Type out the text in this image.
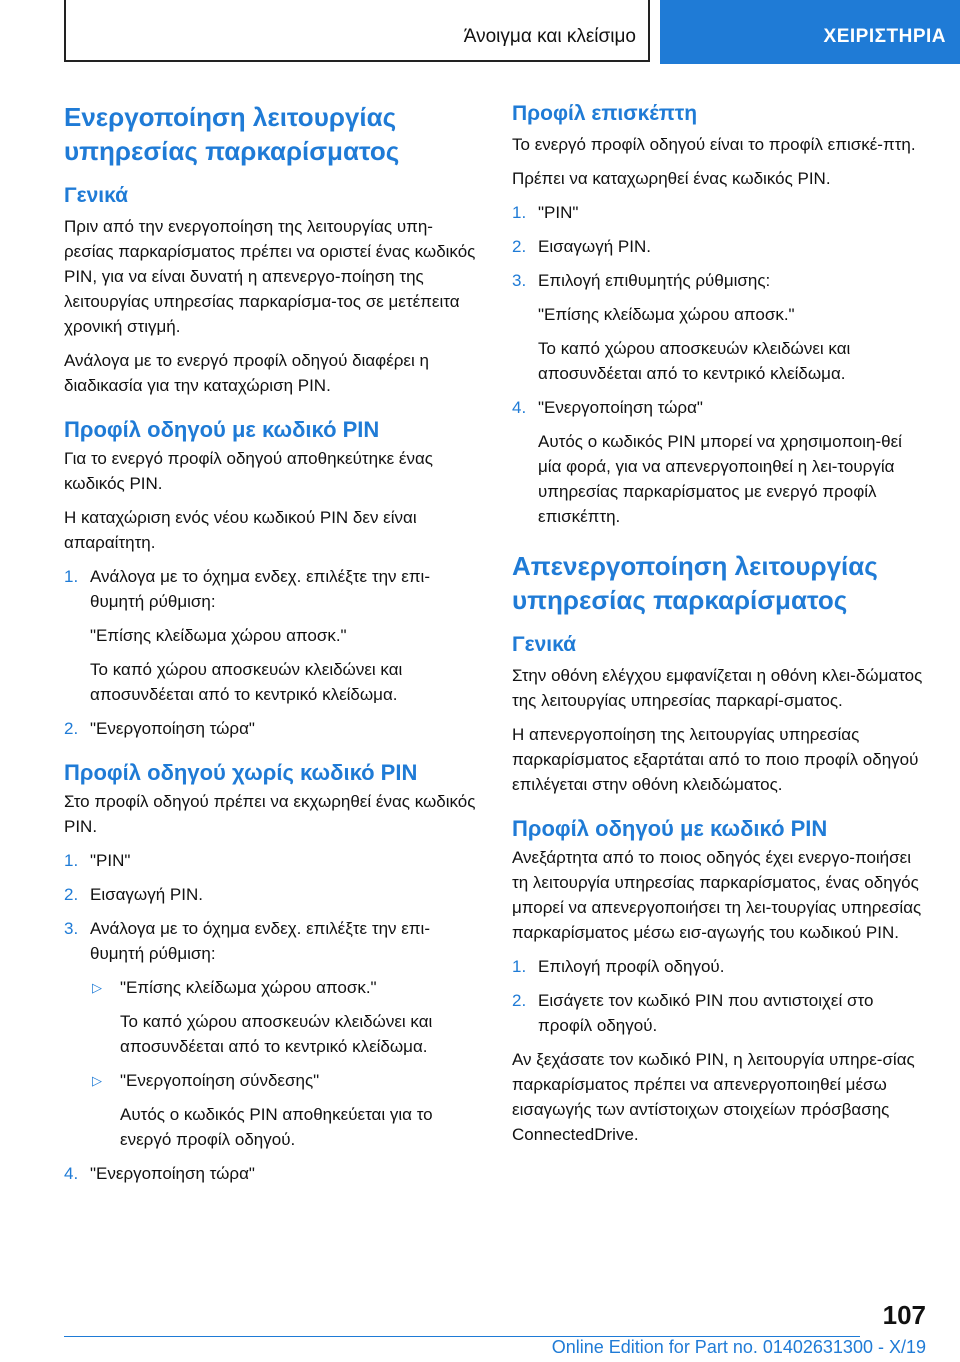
Άνοιγμα και κλείσιμο	ΧΕΙΡΙΣΤΗΡΙΑ
Ενεργοποίηση λειτουργίας υπηρεσίας παρκαρίσματος
Γενικά

Πριν από την ενεργοποίηση της λειτουργίας υπη-ρεσίας παρκαρίσματος πρέπει να οριστεί ένας κωδικός PIN, για να είναι δυνατή η απενεργο-ποίηση της λειτουργίας υπηρεσίας παρκαρίσμα-τος σε μετέπειτα χρονική στιγμή.

Ανάλογα με το ενεργό προφίλ οδηγού διαφέρει η διαδικασία για την καταχώριση PIN.

Προφίλ οδηγού με κωδικό PIN

Για το ενεργό προφίλ οδηγού αποθηκεύτηκε ένας κωδικός PIN.

Η καταχώριση ενός νέου κωδικού PIN δεν είναι απαραίτητη.

1. Ανάλογα με το όχημα ενδεχ. επιλέξτε την επι-θυμητή ρύθμιση:

"Επίσης κλείδωμα χώρου αποσκ."

Το καπό χώρου αποσκευών κλειδώνει και αποσυνδέεται από το κεντρικό κλείδωμα.

2. "Ενεργοποίηση τώρα"

Προφίλ οδηγού χωρίς κωδικό PIN

Στο προφίλ οδηγού πρέπει να εκχωρηθεί ένας κωδικός PIN.

1. "PIN"

2. Εισαγωγή PIN.

3. Ανάλογα με το όχημα ενδεχ. επιλέξτε την επι-θυμητή ρύθμιση:

▷	"Επίσης κλείδωμα χώρου αποσκ."

Το καπό χώρου αποσκευών κλειδώνει και αποσυνδέεται από το κεντρικό κλείδωμα.

▷	"Ενεργοποίηση σύνδεσης"

Αυτός ο κωδικός PIN αποθηκεύεται για το ενεργό προφίλ οδηγού.

4. "Ενεργοποίηση τώρα"

Προφίλ επισκέπτη

Το ενεργό προφίλ οδηγού είναι το προφίλ επισκέ-πτη.

Πρέπει να καταχωρηθεί ένας κωδικός PIN.

1. "PIN"

2. Εισαγωγή PIN.

3. Επιλογή επιθυμητής ρύθμισης:

"Επίσης κλείδωμα χώρου αποσκ."

Το καπό χώρου αποσκευών κλειδώνει και αποσυνδέεται από το κεντρικό κλείδωμα.

4. "Ενεργοποίηση τώρα"

Αυτός ο κωδικός PIN μπορεί να χρησιμοποιη-θεί μία φορά, για να απενεργοποιηθεί η λει-τουργία υπηρεσίας παρκαρίσματος με ενεργό προφίλ επισκέπτη.

Απενεργοποίηση λειτουργίας υπηρεσίας παρκαρίσματος
Γενικά

Στην οθόνη ελέγχου εμφανίζεται η οθόνη κλει-δώματος της λειτουργίας υπηρεσίας παρκαρί-σματος.

Η απενεργοποίηση της λειτουργίας υπηρεσίας παρκαρίσματος εξαρτάται από το ποιο προφίλ οδηγού επιλέγεται στην οθόνη κλειδώματος.

Προφίλ οδηγού με κωδικό PIN

Ανεξάρτητα από το ποιος οδηγός έχει ενεργο-ποιήσει τη λειτουργία υπηρεσίας παρκαρίσματος, ένας οδηγός μπορεί να απενεργοποιήσει τη λει-τουργίας υπηρεσίας παρκαρίσματος μέσω εισ-αγωγής του κωδικού PIN.

1. Επιλογή προφίλ οδηγού.

2. Εισάγετε τον κωδικό PIN που αντιστοιχεί στο προφίλ οδηγού.

Αν ξεχάσατε τον κωδικό PIN, η λειτουργία υπηρε-σίας παρκαρίσματος πρέπει να απενεργοποιηθεί μέσω εισαγωγής των αντίστοιχων στοιχείων πρόσβασης ConnectedDrive.

107
Online Edition for Part no. 01402631300 - X/19
